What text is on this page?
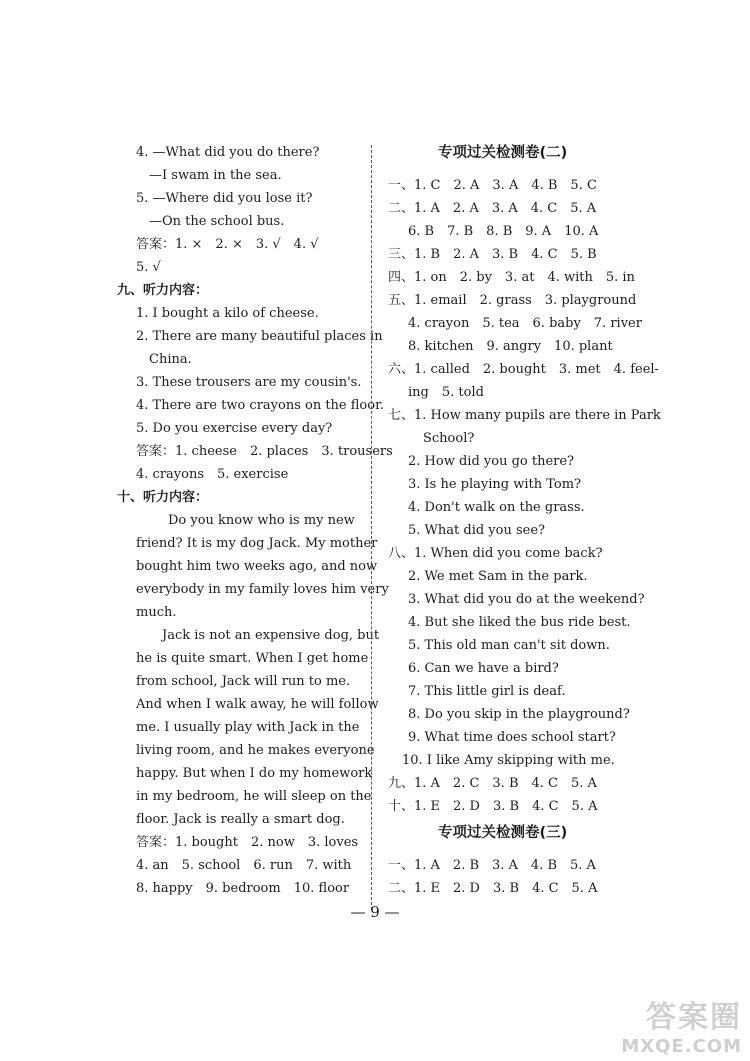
4. —What did you do there?
—I swam in the sea.
5. —Where did you lose it?
—On the school bus.
答案：1. ×　2. ×　3. √　4. √
5. √
九、听力内容：
1. I bought a kilo of cheese.
2. There are many beautiful places in
China.
3. These trousers are my cousin's.
4. There are two crayons on the floor.
5. Do you exercise every day?
答案：1. cheese　2. places　3. trousers
4. crayons　5. exercise
十、听力内容：
Do you know who is my new
friend? It is my dog Jack. My mother
bought him two weeks ago, and now
everybody in my family loves him very
much.
Jack is not an expensive dog, but
he is quite smart. When I get home
from school, Jack will run to me.
And when I walk away, he will follow
me. I usually play with Jack in the
living room, and he makes everyone
happy. But when I do my homework
in my bedroom, he will sleep on the
floor. Jack is really a smart dog.
答案：1. bought　2. now　3. loves
4. an　5. school　6. run　7. with
8. happy　9. bedroom　10. floor
专项过关检测卷(二)
一、1. C　2. A　3. A　4. B　5. C
二、1. A　2. A　3. A　4. C　5. A
6. B　7. B　8. B　9. A　10. A
三、1. B　2. A　3. B　4. C　5. B
四、1. on　2. by　3. at　4. with　5. in
五、1. email　2. grass　3. playground
4. crayon　5. tea　6. baby　7. river
8. kitchen　9. angry　10. plant
六、1. called　2. bought　3. met　4. feel-
ing　5. told
七、1. How many pupils are there in Park
School?
2. How did you go there?
3. Is he playing with Tom?
4. Don't walk on the grass.
5. What did you see?
八、1. When did you come back?
2. We met Sam in the park.
3. What did you do at the weekend?
4. But she liked the bus ride best.
5. This old man can't sit down.
6. Can we have a bird?
7. This little girl is deaf.
8. Do you skip in the playground?
9. What time does school start?
10. I like Amy skipping with me.
九、1. A　2. C　3. B　4. C　5. A
十、1. E　2. D　3. B　4. C　5. A
专项过关检测卷(三)
一、1. A　2. B　3. A　4. B　5. A
二、1. E　2. D　3. B　4. C　5. A
— 9 —
答案圈
MXQE.COM
